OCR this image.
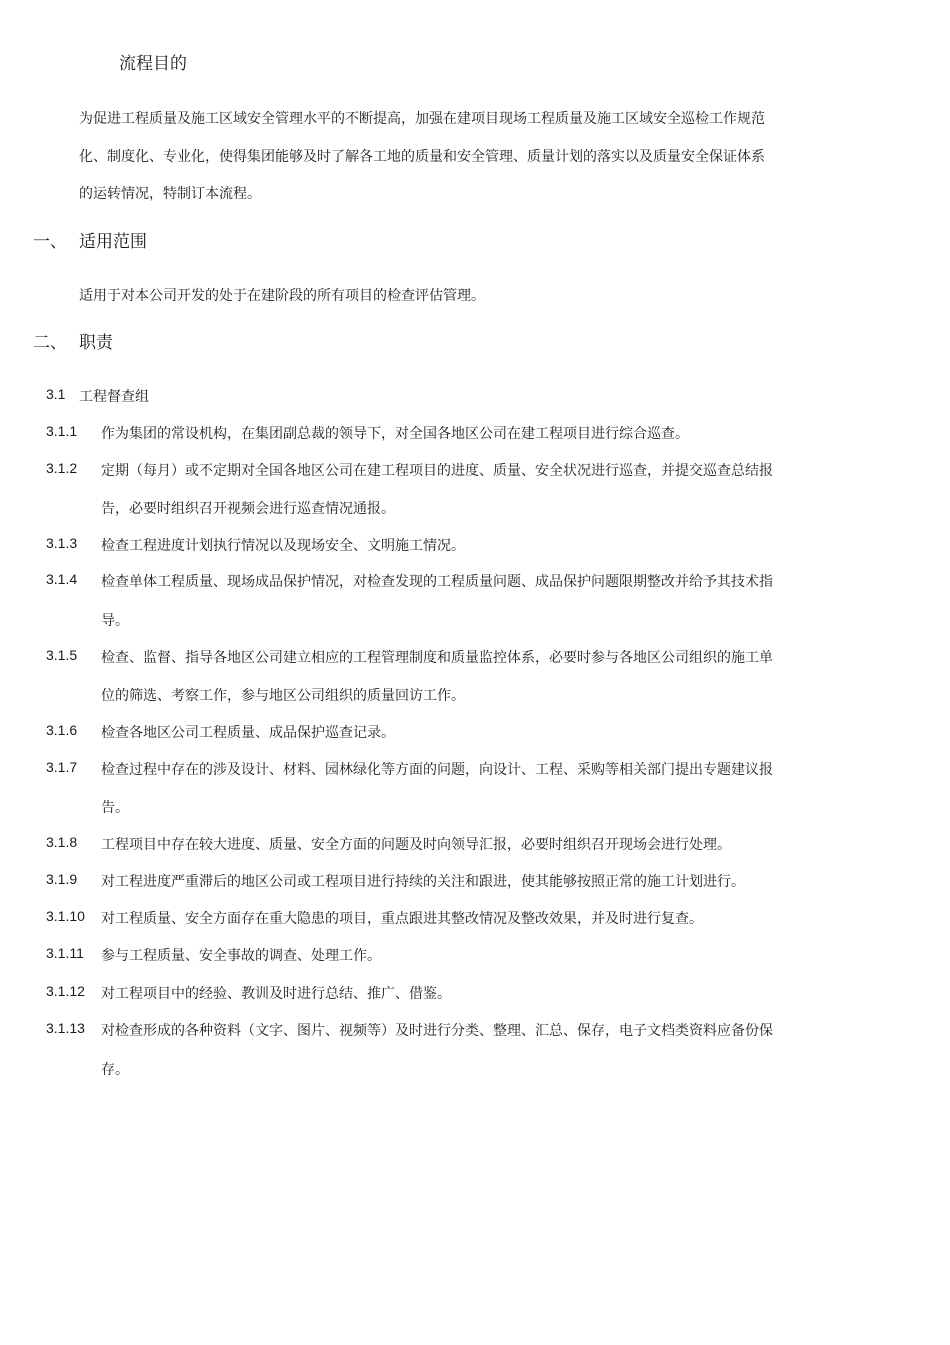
流程目的
为促进工程质量及施工区域安全管理水平的不断提高，加强在建项目现场工程质量及施工区域安全巡检工作规范
化、制度化、专业化，使得集团能够及时了解各工地的质量和安全管理、质量计划的落实以及质量安全保证体系
的运转情况，特制订本流程。
一、 适用范围
适用于对本公司开发的处于在建阶段的所有项目的检查评估管理。
二、 职责
3.1 工程督查组
3.1.1 作为集团的常设机构，在集团副总裁的领导下，对全国各地区公司在建工程项目进行综合巡查。
3.1.2 定期（每月）或不定期对全国各地区公司在建工程项目的进度、质量、安全状况进行巡查，并提交巡查总结报
告，必要时组织召开视频会进行巡查情况通报。
3.1.3 检查工程进度计划执行情况以及现场安全、文明施工情况。
3.1.4 检查单体工程质量、现场成品保护情况，对检查发现的工程质量问题、成品保护问题限期整改并给予其技术指
导。
3.1.5 检查、监督、指导各地区公司建立相应的工程管理制度和质量监控体系，必要时参与各地区公司组织的施工单
位的筛选、考察工作，参与地区公司组织的质量回访工作。
3.1.6 检查各地区公司工程质量、成品保护巡查记录。
3.1.7 检查过程中存在的涉及设计、材料、园林绿化等方面的问题，向设计、工程、采购等相关部门提出专题建议报
告。
3.1.8 工程项目中存在较大进度、质量、安全方面的问题及时向领导汇报，必要时组织召开现场会进行处理。
3.1.9 对工程进度严重滞后的地区公司或工程项目进行持续的关注和跟进，使其能够按照正常的施工计划进行。
3.1.10 对工程质量、安全方面存在重大隐患的项目，重点跟进其整改情况及整改效果，并及时进行复查。
3.1.11 参与工程质量、安全事故的调查、处理工作。
3.1.12 对工程项目中的经验、教训及时进行总结、推广、借鉴。
3.1.13 对检查形成的各种资料（文字、图片、视频等）及时进行分类、整理、汇总、保存，电子文档类资料应备份保
存。
